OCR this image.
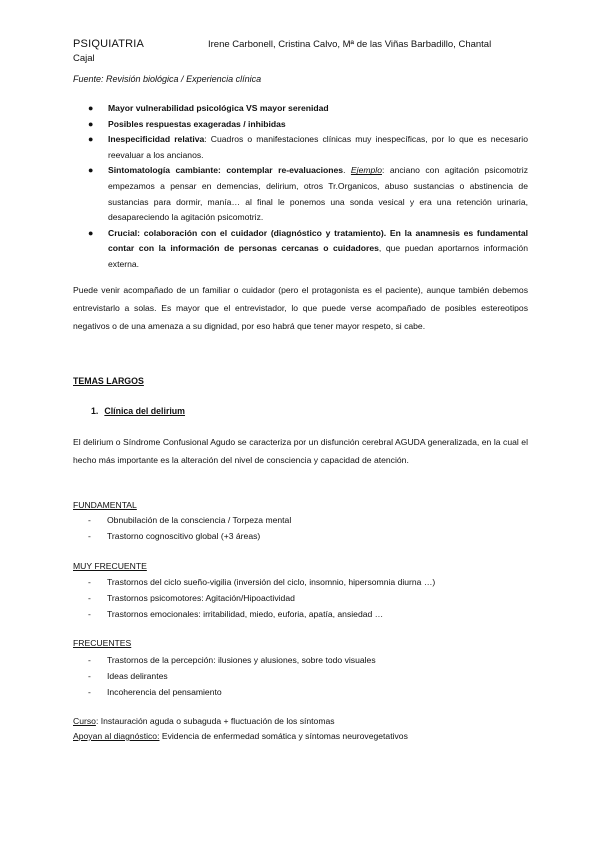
PSIQUIATRIA	Irene Carbonell, Cristina Calvo, Mª de las Viñas Barbadillo, Chantal
Cajal
Fuente: Revisión biológica / Experiencia clínica
● Mayor vulnerabilidad psicológica VS mayor serenidad
● Posibles respuestas exageradas / inhibidas
● Inespecificidad relativa: Cuadros o manifestaciones clínicas muy inespecíficas, por lo que es necesario reevaluar a los ancianos.
● Sintomatología cambiante: contemplar re-evaluaciones. Ejemplo: anciano con agitación psicomotriz empezamos a pensar en demencias, delirium, otros Tr.Organicos, abuso sustancias o abstinencia de sustancias para dormir, manía… al final le ponemos una sonda vesical y era una retención urinaria, desapareciendo la agitación psicomotriz.
● Crucial: colaboración con el cuidador (diagnóstico y tratamiento). En la anamnesis es fundamental contar con la información de personas cercanas o cuidadores, que puedan aportarnos información externa.

Puede venir acompañado de un familiar o cuidador (pero el protagonista es el paciente), aunque también debemos entrevistarlo a solas. Es mayor que el entrevistador, lo que puede verse acompañado de posibles estereotipos negativos o de una amenaza a su dignidad, por eso habrá que tener mayor respeto, si cabe.

TEMAS LARGOS
1. Clínica del delirium

El delirium o Síndrome Confusional Agudo se caracteriza por un disfunción cerebral AGUDA generalizada, en la cual el hecho más importante es la alteración del nivel de consciencia y capacidad de atención.

FUNDAMENTAL
- Obnubilación de la consciencia / Torpeza mental
- Trastorno cognoscitivo global (+3 áreas)
MUY FRECUENTE
- Trastornos del ciclo sueño-vigilia (inversión del ciclo, insomnio, hipersomnia diurna …)
- Trastornos psicomotores: Agitación/Hipoactividad
- Trastornos emocionales: irritabilidad, miedo, euforia, apatía, ansiedad …
FRECUENTES
- Trastornos de la percepción: ilusiones y alusiones, sobre todo visuales
- Ideas delirantes
- Incoherencia del pensamiento
Curso: Instauración aguda o subaguda + fluctuación de los síntomas
Apoyan al diagnóstico: Evidencia de enfermedad somática y síntomas neurovegetativos
